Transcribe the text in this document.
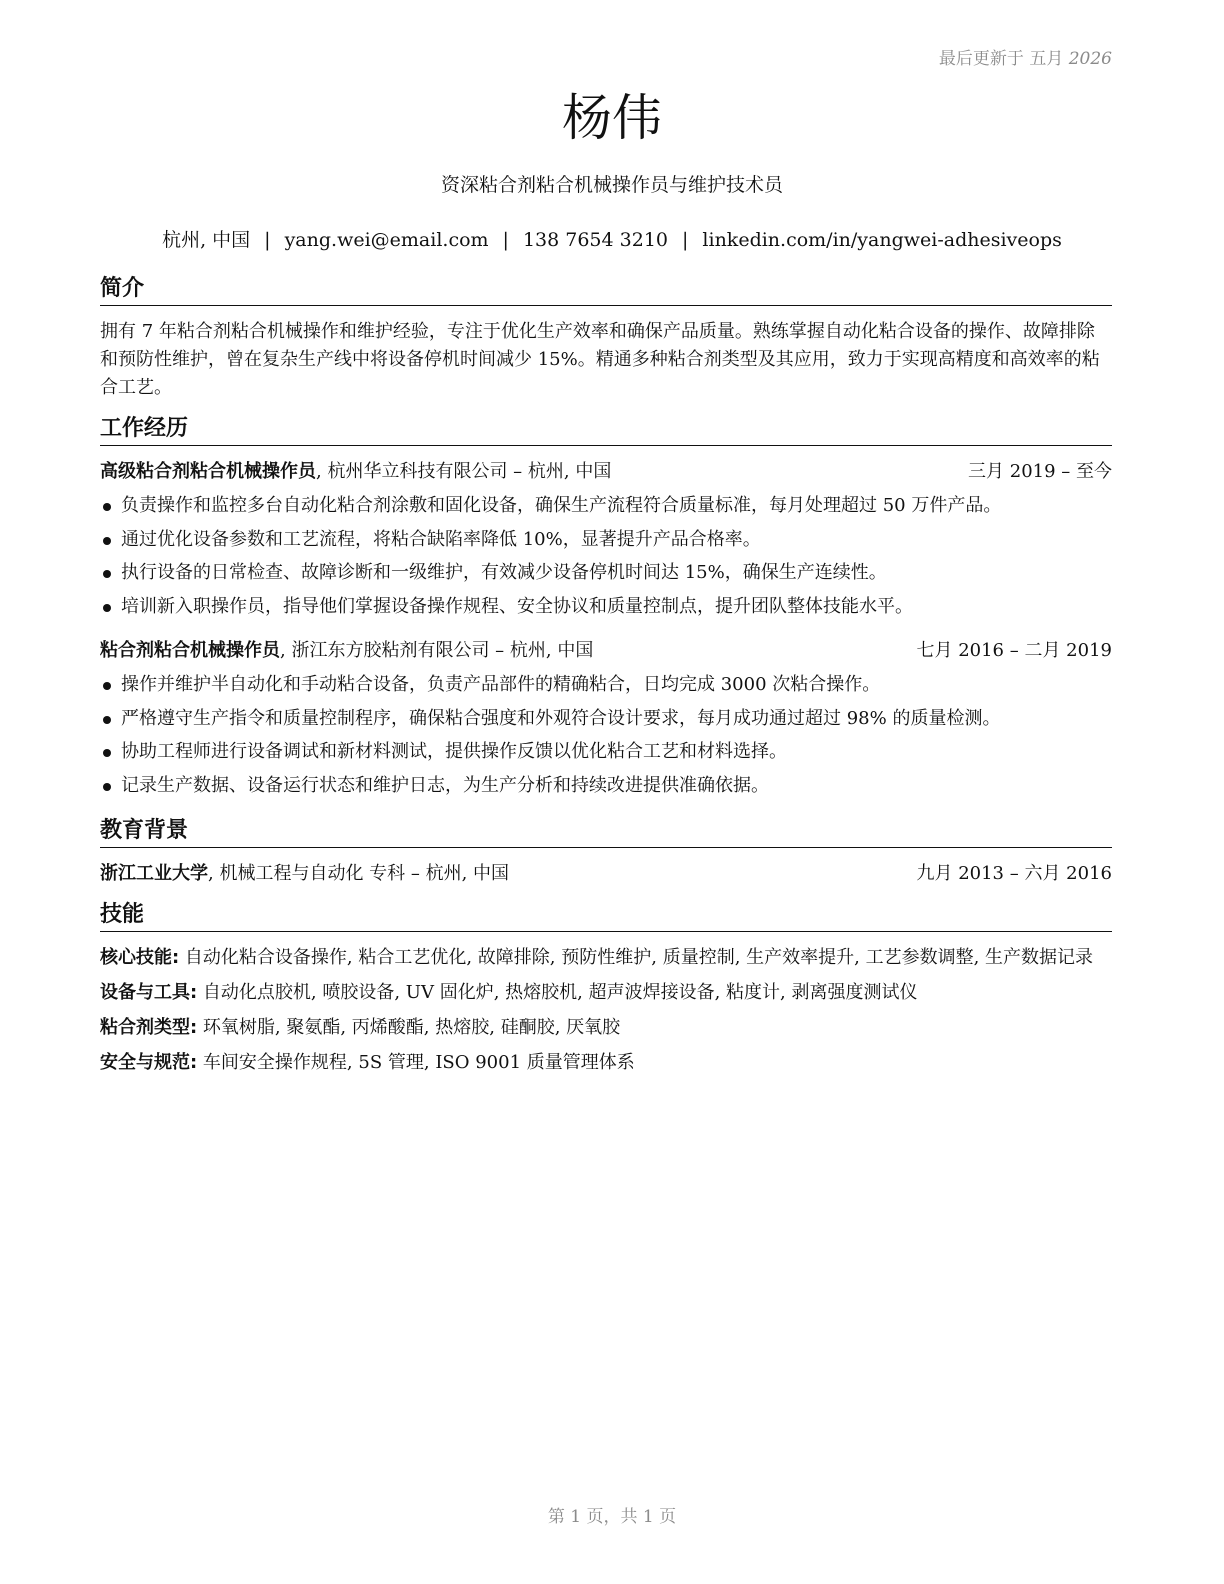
最后更新于 五月 2026
杨伟
资深粘合剂粘合机械操作员与维护技术员
杭州, 中国 | yang.wei@email.com | 138 7654 3210 | linkedin.com/in/yangwei-adhesiveops
简介

拥有 7 年粘合剂粘合机械操作和维护经验，专注于优化生产效率和确保产品质量。熟练掌握自动化粘合设备的操作、故障排除和预防性维护，曾在复杂生产线中将设备停机时间减少 15%。精通多种粘合剂类型及其应用，致力于实现高精度和高效率的粘合工艺。

工作经历
高级粘合剂粘合机械操作员, 杭州华立科技有限公司 – 杭州, 中国	三月 2019 – 至今
负责操作和监控多台自动化粘合剂涂敷和固化设备，确保生产流程符合质量标准，每月处理超过 50 万件产品。
通过优化设备参数和工艺流程，将粘合缺陷率降低 10%，显著提升产品合格率。
执行设备的日常检查、故障诊断和一级维护，有效减少设备停机时间达 15%，确保生产连续性。
培训新入职操作员，指导他们掌握设备操作规程、安全协议和质量控制点，提升团队整体技能水平。
粘合剂粘合机械操作员, 浙江东方胶粘剂有限公司 – 杭州, 中国	七月 2016 – 二月 2019
操作并维护半自动化和手动粘合设备，负责产品部件的精确粘合，日均完成 3000 次粘合操作。
严格遵守生产指令和质量控制程序，确保粘合强度和外观符合设计要求，每月成功通过超过 98% 的质量检测。
协助工程师进行设备调试和新材料测试，提供操作反馈以优化粘合工艺和材料选择。
记录生产数据、设备运行状态和维护日志，为生产分析和持续改进提供准确依据。
教育背景
浙江工业大学, 机械工程与自动化 专科 – 杭州, 中国	九月 2013 – 六月 2016
技能
核心技能: 自动化粘合设备操作, 粘合工艺优化, 故障排除, 预防性维护, 质量控制, 生产效率提升, 工艺参数调整, 生产数据记录
设备与工具: 自动化点胶机, 喷胶设备, UV 固化炉, 热熔胶机, 超声波焊接设备, 粘度计, 剥离强度测试仪
粘合剂类型: 环氧树脂, 聚氨酯, 丙烯酸酯, 热熔胶, 硅酮胶, 厌氧胶
安全与规范: 车间安全操作规程, 5S 管理, ISO 9001 质量管理体系
第 1 页，共 1 页
